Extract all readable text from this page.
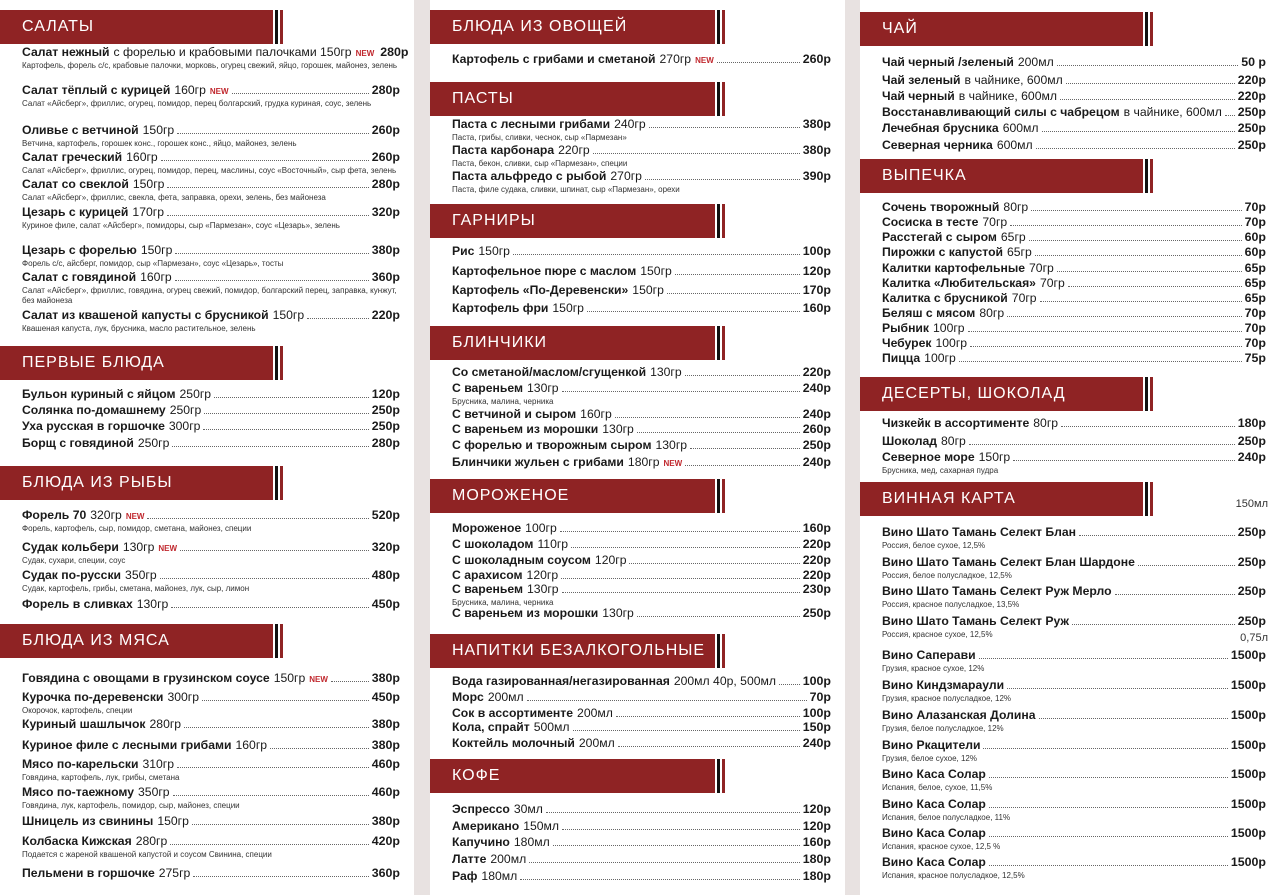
САЛАТЫ
Салат нежный с форелью и крабовыми палочками 150гр NEW 280р
Картофель, форель с/с, крабовые палочки, морковь, огурец свежий, яйцо, горошек, майонез, зелень
Салат тёплый с курицей 160гр NEW	280р
Салат «Айсберг», фриллис, огурец, помидор, перец болгарский, грудка куриная, соус, зелень
Оливье с ветчиной 150гр	260р
Ветчина, картофель, горошек конс., горошек конс., яйцо, майонез, зелень
Салат греческий 160гр	260р
Салат «Айсберг», фриллис, огурец, помидор, перец, маслины, соус «Восточный», сыр фета, зелень
Салат со свеклой 150гр	280р
Салат «Айсберг», фриллис, свекла, фета, заправка, орехи, зелень, без майонеза
Цезарь с курицей 170гр	320р
Куриное филе, салат «Айсберг», помидоры, сыр «Пармезан», соус «Цезарь», зелень
Цезарь с форелью 150гр	380р
Форель с/с, айсберг, помидор, сыр «Пармезан», соус «Цезарь», тосты
Салат с говядиной 160гр	360р
Салат «Айсберг», фриллис, говядина, огурец свежий, помидор, болгарский перец, заправка, кунжут, без майонеза
Салат из квашеной капусты с брусникой 150гр	220р
Квашеная капуста, лук, брусника, масло растительное, зелень
ПЕРВЫЕ БЛЮДА
Бульон куриный с яйцом 250гр	120р
Солянка по-домашнему 250гр	250р
Уха русская в горшочке 300гр	250р
Борщ с говядиной 250гр	280р
БЛЮДА ИЗ РЫБЫ
Форель 70 320гр NEW	520р
Форель, картофель, сыр, помидор, сметана, майонез, специи
Судак кольбери 130гр NEW	320р
Судак, сухари, специи, соус
Судак по-русски 350гр	480р
Судак, картофель, грибы, сметана, майонез, лук, сыр, лимон
Форель в сливках 130гр	450р
БЛЮДА ИЗ МЯСА
Говядина с овощами в грузинском соусе 150гр NEW	380р
Курочка по-деревенски 300гр	450р
Окорочок, картофель, специи
Куриный шашлычок 280гр	380р
Куриное филе с лесными грибами 160гр	380р
Мясо по-карельски 310гр	460р
Говядина, картофель, лук, грибы, сметана
Мясо по-таежному 350гр	460р
Говядина, лук, картофель, помидор, сыр, майонез, специи
Шницель из свинины 150гр	380р
Колбаска Кижская 280гр	420р
Подается с жареной квашеной капустой и соусом Свинина, специи
Пельмени в горшочке 275гр	360р
БЛЮДА ИЗ ОВОЩЕЙ
Картофель с грибами и сметаной 270гр NEW	260р
ПАСТЫ
Паста с лесными грибами 240гр	380р
Паста, грибы, сливки, чеснок, сыр «Пармезан»
Паста карбонара 220гр	380р
Паста, бекон, сливки, сыр «Пармезан», специи
Паста альфредо с рыбой 270гр	390р
Паста, филе судака, сливки, шпинат, сыр «Пармезан», орехи
ГАРНИРЫ
Рис 150гр	100р
Картофельное пюре с маслом 150гр	120р
Картофель «По-Деревенски» 150гр	170р
Картофель фри 150гр	160р
БЛИНЧИКИ
Со сметаной/маслом/сгущенкой 130гр	220р
С вареньем 130гр	240р
Брусника, малина, черника
С ветчиной и сыром 160гр	240р
С вареньем из морошки 130гр	260р
С форелью и творожным сыром 130гр	250р
Блинчики жульен с грибами 180гр NEW	240р
МОРОЖЕНОЕ
Мороженое 100гр	160р
С шоколадом 110гр	220р
С шоколадным соусом 120гр	220р
С арахисом 120гр	220р
С вареньем 130гр	230р
Брусника, малина, черника
С вареньем из морошки 130гр	250р
НАПИТКИ БЕЗАЛКОГОЛЬНЫЕ
Вода газированная/негазированная 200мл 40р, 500мл 100р
Морс 200мл	70р
Сок в ассортименте 200мл	100р
Кола, спрайт 500мл	150р
Коктейль молочный 200мл	240р
КОФЕ
Эспрессо 30мл	120р
Американо 150мл	120р
Капучино 180мл	160р
Латте 200мл	180р
Раф 180мл	180р
ЧАЙ
Чай черный /зеленый 200мл	50 р
Чай зеленый в чайнике, 600мл	220р
Чай черный в чайнике, 600мл	220р
Восстанавливающий силы с чабрецом в чайнике, 600мл 250р
Лечебная брусника 600мл	250р
Северная черника 600мл	250р
ВЫПЕЧКА
Сочень творожный 80гр	70р
Сосиска в тесте 70гр	70р
Расстегай с сыром 65гр	60р
Пирожки с капустой 65гр	60р
Калитки картофельные 70гр	65р
Калитка «Любительская» 70гр	65р
Калитка с брусникой 70гр	65р
Беляш с мясом 80гр	70р
Рыбник 100гр	70р
Чебурек 100гр	70р
Пицца 100гр	75р
ДЕСЕРТЫ, ШОКОЛАД
Чизкейк в ассортименте 80гр	180р
Шоколад 80гр	250р
Северное море 150гр	240р
Брусника, мед, сахарная пудра
ВИННАЯ КАРТА	150мл
0,75л
Вино Шато Тамань Селект Блан	250р
Россия, белое сухое, 12,5%
Вино Шато Тамань Селект Блан Шардоне	250р
Россия, белое полусладкое, 12,5%
Вино Шато Тамань Селект Руж Мерло	250р
Россия, красное полусладкое, 13,5%
Вино Шато Тамань Селект Руж	250р
Россия, красное сухое, 12,5%
Вино Саперави	1500р
Грузия, красное сухое, 12%
Вино Киндзмараули	1500р
Грузия, красное полусладкое, 12%
Вино Алазанская Долина	1500р
Грузия, белое полусладкое, 12%
Вино Ркацители	1500р
Грузия, белое сухое, 12%
Вино Каса Солар	1500р
Испания, белое, сухое, 11,5%
Вино Каса Солар	1500р
Испания, белое полусладкое, 11%
Вино Каса Солар	1500р
Испания, красное сухое, 12,5 %
Вино Каса Солар	1500р
Испания, красное полусладкое, 12,5%
